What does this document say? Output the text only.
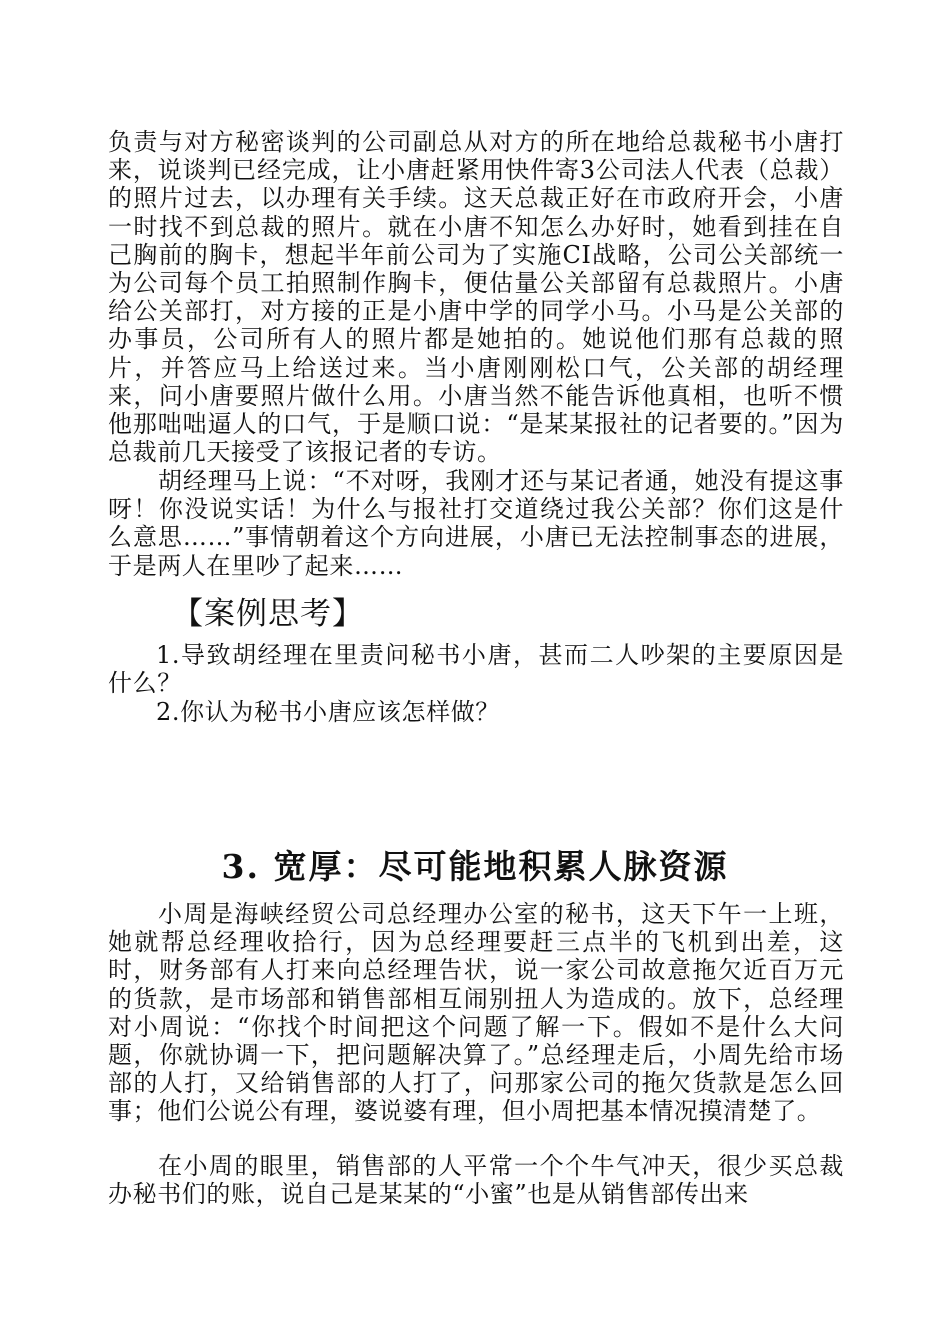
负责与对方秘密谈判的公司副总从对方的所在地给总裁秘书小唐打来，说谈判已经完成，让小唐赶紧用快件寄3公司法人代表（总裁）的照片过去，以办理有关手续。这天总裁正好在市政府开会，小唐一时找不到总裁的照片。就在小唐不知怎么办好时，她看到挂在自己胸前的胸卡，想起半年前公司为了实施CI战略，公司公关部统一为公司每个员工拍照制作胸卡，便估量公关部留有总裁照片。小唐给公关部打，对方接的正是小唐中学的同学小马。小马是公关部的办事员，公司所有人的照片都是她拍的。她说他们那有总裁的照片，并答应马上给送过来。当小唐刚刚松口气，公关部的胡经理来，问小唐要照片做什么用。小唐当然不能告诉他真相，也听不惯他那咄咄逼人的口气，于是顺口说：“是某某报社的记者要的。”因为总裁前几天接受了该报记者的专访。

胡经理马上说：“不对呀，我刚才还与某记者通，她没有提这事呀！你没说实话！为什么与报社打交道绕过我公关部？你们这是什么意思……”事情朝着这个方向进展，小唐已无法控制事态的进展，于是两人在里吵了起来……

【案例思考】

1.导致胡经理在里责问秘书小唐，甚而二人吵架的主要原因是什么？

2.你认为秘书小唐应该怎样做？

3. 宽厚：尽可能地积累人脉资源

小周是海峡经贸公司总经理办公室的秘书，这天下午一上班，她就帮总经理收拾行，因为总经理要赶三点半的飞机到出差，这时，财务部有人打来向总经理告状，说一家公司故意拖欠近百万元的货款，是市场部和销售部相互闹别扭人为造成的。放下，总经理对小周说：“你找个时间把这个问题了解一下。假如不是什么大问题，你就协调一下，把问题解决算了。”总经理走后，小周先给市场部的人打，又给销售部的人打了，问那家公司的拖欠货款是怎么回事；他们公说公有理，婆说婆有理，但小周把基本情况摸清楚了。

在小周的眼里，销售部的人平常一个个牛气冲天，很少买总裁办秘书们的账，说自己是某某的“小蜜”也是从销售部传出来
